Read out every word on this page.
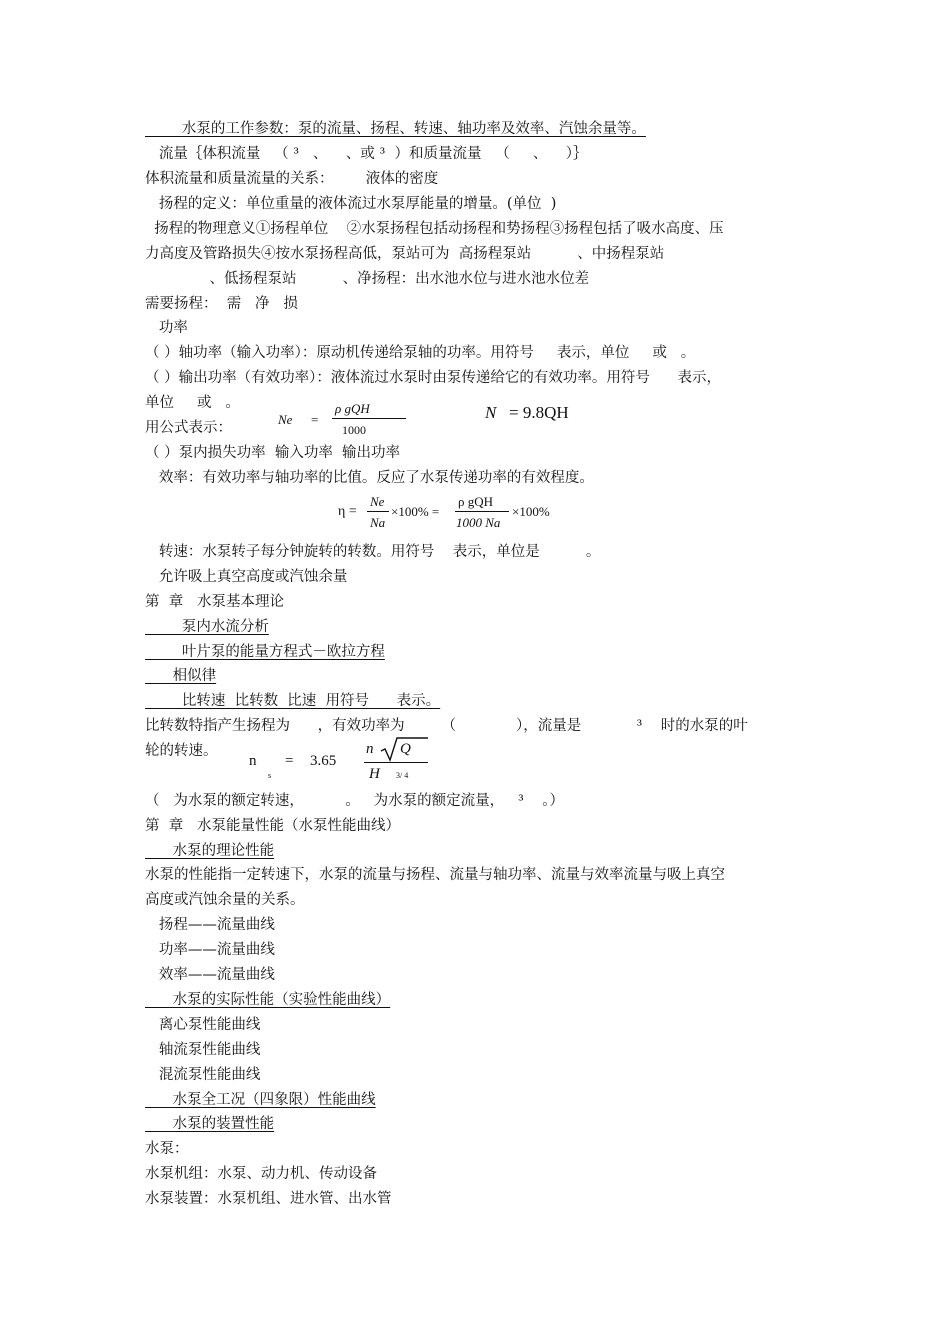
水泵的工作参数：泵的流量、扬程、转速、轴功率及效率、汽蚀余量等。

流量｛体积流量   （ ³   、    、或 ³  ）和质量流量   （     、    ）｝

体积流量和质量流量的关系：       液体的密度

扬程的定义：单位重量的液体流过水泵厚能量的增量。(单位  )

扬程的物理意义①扬程单位    ②水泵扬程包括动扬程和势扬程③扬程包括了吸水高度、压

力高度及管路损失④按水泵扬程高低，泵站可为  高扬程泵站          、中扬程泵站

、低扬程泵站          、净扬程：出水池水位与进水池水位差

需要扬程：  需   净   损

功率

（ ）轴功率（输入功率）：原动机传递给泵轴的功率。用符号     表示，单位     或   。

（ ）输出功率（有效功率）：液体流过水泵时由泵传递给它的有效功率。用符号      表示，

单位     或   。

用公式表示：

Ne =
ρ gQH
1000
N = 9.8QH

（ ）泵内损失功率  输入功率  输出功率

效率：有效功率与轴功率的比值。反应了水泵传递功率的有效程度。

η =
Ne
Na
×100% =
ρ gQH
1000 Na
×100%

转速：水泵转子每分钟旋转的转数。用符号    表示，单位是          。

允许吸上真空高度或汽蚀余量

第  章   水泵基本理论

泵内水流分析

叶片泵的能量方程式－欧拉方程

相似律

比转速  比转数  比速  用符号      表示。

比转数特指产生扬程为      ，有效功率为        （             ），流量是            ³    时的水泵的叶

轮的转速。

n
s
= 3.65
n Q
H 3/ 4

（   为水泵的额定转速，         。   为水泵的额定流量，   ³    。）

第  章   水泵能量性能（水泵性能曲线）

水泵的理论性能

水泵的性能指一定转速下，水泵的流量与扬程、流量与轴功率、流量与效率流量与吸上真空

高度或汽蚀余量的关系。

扬程——流量曲线

功率——流量曲线

效率——流量曲线

水泵的实际性能（实验性能曲线）

离心泵性能曲线

轴流泵性能曲线

混流泵性能曲线

水泵全工况（四象限）性能曲线

水泵的装置性能

水泵：

水泵机组：水泵、动力机、传动设备

水泵装置：水泵机组、进水管、出水管
